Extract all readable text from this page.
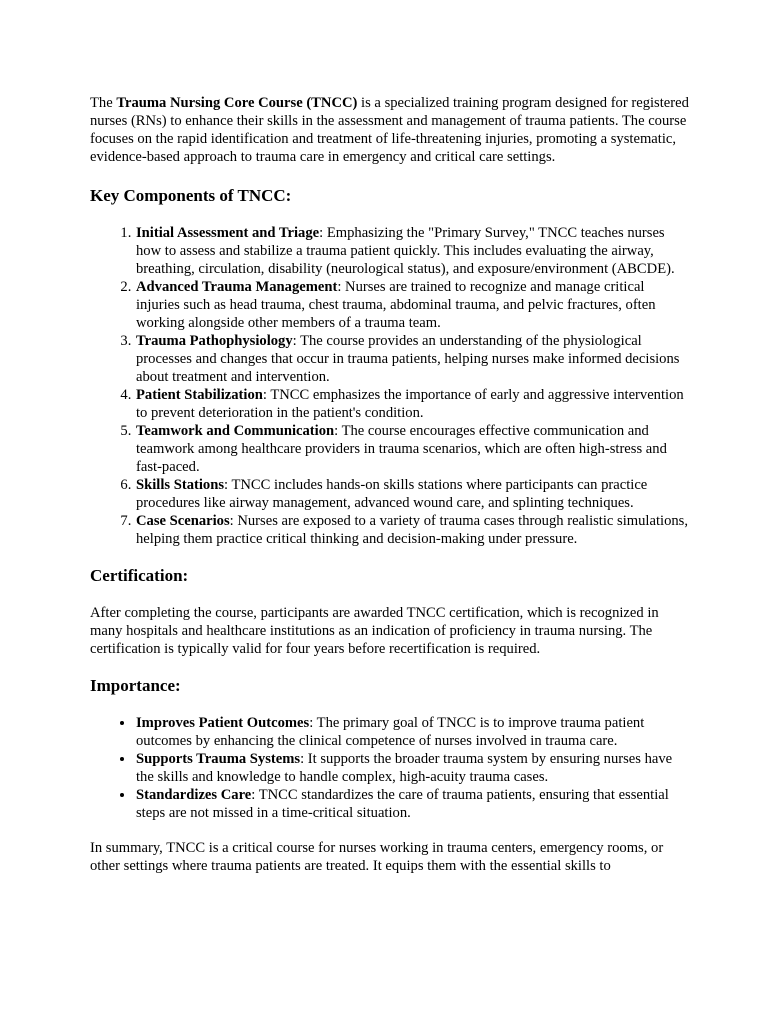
The Trauma Nursing Core Course (TNCC) is a specialized training program designed for registered nurses (RNs) to enhance their skills in the assessment and management of trauma patients. The course focuses on the rapid identification and treatment of life-threatening injuries, promoting a systematic, evidence-based approach to trauma care in emergency and critical care settings.

Key Components of TNCC:
1. Initial Assessment and Triage: Emphasizing the "Primary Survey," TNCC teaches nurses how to assess and stabilize a trauma patient quickly. This includes evaluating the airway, breathing, circulation, disability (neurological status), and exposure/environment (ABCDE).
2. Advanced Trauma Management: Nurses are trained to recognize and manage critical injuries such as head trauma, chest trauma, abdominal trauma, and pelvic fractures, often working alongside other members of a trauma team.
3. Trauma Pathophysiology: The course provides an understanding of the physiological processes and changes that occur in trauma patients, helping nurses make informed decisions about treatment and intervention.
4. Patient Stabilization: TNCC emphasizes the importance of early and aggressive intervention to prevent deterioration in the patient's condition.
5. Teamwork and Communication: The course encourages effective communication and teamwork among healthcare providers in trauma scenarios, which are often high-stress and fast-paced.
6. Skills Stations: TNCC includes hands-on skills stations where participants can practice procedures like airway management, advanced wound care, and splinting techniques.
7. Case Scenarios: Nurses are exposed to a variety of trauma cases through realistic simulations, helping them practice critical thinking and decision-making under pressure.
Certification:

After completing the course, participants are awarded TNCC certification, which is recognized in many hospitals and healthcare institutions as an indication of proficiency in trauma nursing. The certification is typically valid for four years before recertification is required.

Importance:
• Improves Patient Outcomes: The primary goal of TNCC is to improve trauma patient outcomes by enhancing the clinical competence of nurses involved in trauma care.
• Supports Trauma Systems: It supports the broader trauma system by ensuring nurses have the skills and knowledge to handle complex, high-acuity trauma cases.
• Standardizes Care: TNCC standardizes the care of trauma patients, ensuring that essential steps are not missed in a time-critical situation.

In summary, TNCC is a critical course for nurses working in trauma centers, emergency rooms, or other settings where trauma patients are treated. It equips them with the essential skills to
